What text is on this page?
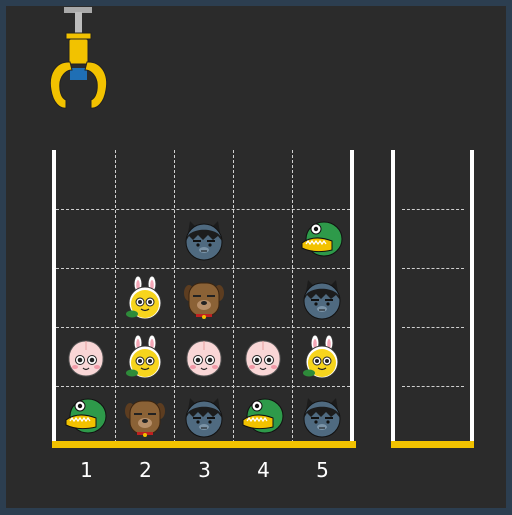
1	2	3	4	5
